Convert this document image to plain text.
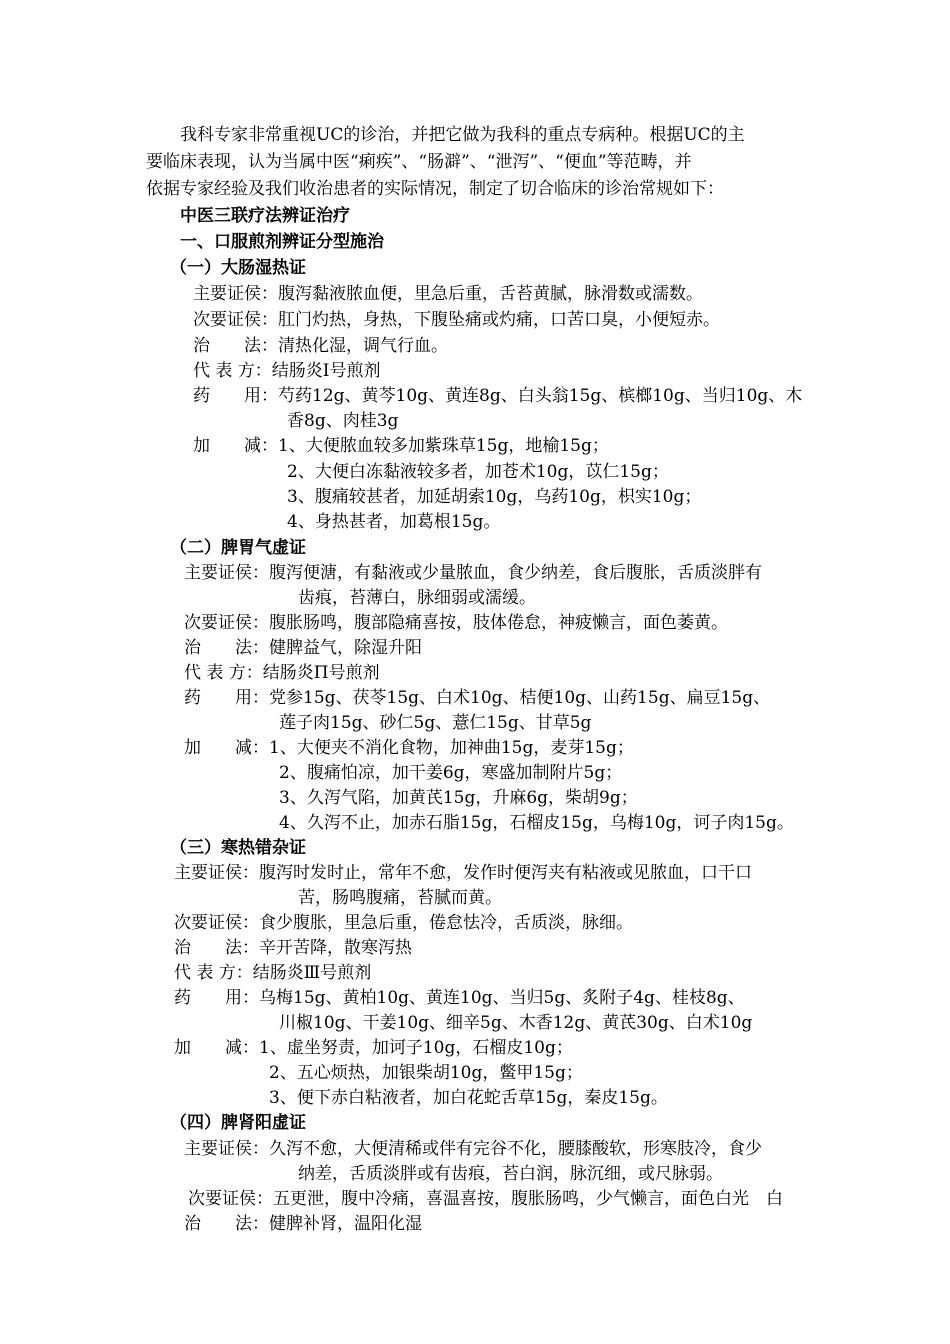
我科专家非常重视UC的诊治，并把它做为我科的重点专病种。根据UC的主
要临床表现，认为当属中医“痢疾”、“肠澼”、“泄泻”、“便血”等范畴，并
依据专家经验及我们收治患者的实际情况，制定了切合临床的诊治常规如下：
中医三联疗法辨证治疗
一、口服煎剂辨证分型施治
（一）大肠湿热证
主要证侯：腹泻黏液脓血便，里急后重，舌苔黄腻，脉滑数或濡数。
次要证侯：肛门灼热，身热，下腹坠痛或灼痛，口苦口臭，小便短赤。
治　　法：清热化湿，调气行血。
代 表 方：结肠炎Ⅰ号煎剂
药　　用：芍药12g、黄芩10g、黄连8g、白头翁15g、槟榔10g、当归10g、木
香8g、肉桂3g
加　　减：1、大便脓血较多加紫珠草15g，地榆15g；
2、大便白冻黏液较多者，加苍术10g，苡仁15g；
3、腹痛较甚者，加延胡索10g，乌药10g，枳实10g；
4、身热甚者，加葛根15g。
（二）脾胃气虚证
主要证侯：腹泻便溏，有黏液或少量脓血，食少纳差，食后腹胀，舌质淡胖有
齿痕，苔薄白，脉细弱或濡缓。
次要证侯：腹胀肠鸣，腹部隐痛喜按，肢体倦怠，神疲懒言，面色萎黄。
治　　法：健脾益气，除湿升阳
代 表 方：结肠炎Π号煎剂
药　　用：党参15g、茯苓15g、白术10g、桔便10g、山药15g、扁豆15g、
莲子肉15g、砂仁5g、薏仁15g、甘草5g
加　　减：1、大便夹不消化食物，加神曲15g，麦芽15g；
2、腹痛怕凉，加干姜6g，寒盛加制附片5g；
3、久泻气陷，加黄芪15g，升麻6g，柴胡9g；
4、久泻不止，加赤石脂15g，石榴皮15g，乌梅10g，诃子肉15g。
（三）寒热错杂证
主要证侯：腹泻时发时止，常年不愈，发作时便泻夹有粘液或见脓血，口干口
苦，肠鸣腹痛，苔腻而黄。
次要证侯：食少腹胀，里急后重，倦怠怯冷，舌质淡，脉细。
治　　法：辛开苦降，散寒泻热
代 表 方：结肠炎Ⅲ号煎剂
药　　用：乌梅15g、黄柏10g、黄连10g、当归5g、炙附子4g、桂枝8g、
川椒10g、干姜10g、细辛5g、木香12g、黄芪30g、白术10g
加　　减：1、虚坐努责，加诃子10g，石榴皮10g；
2、五心烦热，加银柴胡10g，鳖甲15g；
3、便下赤白粘液者，加白花蛇舌草15g，秦皮15g。
（四）脾肾阳虚证
主要证侯：久泻不愈，大便清稀或伴有完谷不化，腰膝酸软，形寒肢冷，食少
纳差，舌质淡胖或有齿痕，苔白润，脉沉细，或尺脉弱。
次要证侯：五更泄，腹中冷痛，喜温喜按，腹胀肠鸣，少气懒言，面色白光　白
治　　法：健脾补肾，温阳化湿
